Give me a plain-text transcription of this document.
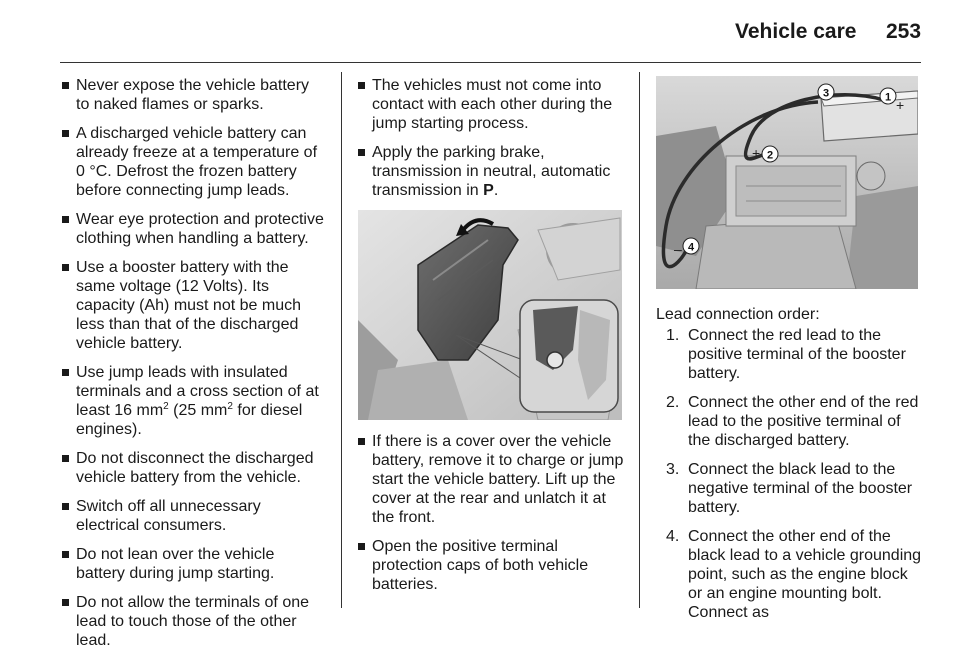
Vehicle care 253
Never expose the vehicle battery to naked flames or sparks.
A discharged vehicle battery can already freeze at a temperature of 0 °C. Defrost the frozen battery before connecting jump leads.
Wear eye protection and protective clothing when handling a battery.
Use a booster battery with the same voltage (12 Volts). Its capacity (Ah) must not be much less than that of the discharged vehicle battery.
Use jump leads with insulated terminals and a cross section of at least 16 $mm^2$ (25 $mm^2$ for diesel engines).
Do not disconnect the discharged vehicle battery from the vehicle.
Switch off all unnecessary electrical consumers.
Do not lean over the vehicle battery during jump starting.
Do not allow the terminals of one lead to touch those of the other lead.
The vehicles must not come into contact with each other during the jump starting process.
Apply the parking brake, transmission in neutral, automatic transmission in P.
If there is a cover over the vehicle battery, remove it to charge or jump start the vehicle battery. Lift up the cover at the rear and unlatch it at the front.
Open the positive terminal protection caps of both vehicle batteries.
+
+
–
1
2
3
4
Lead connection order:
1. Connect the red lead to the positive terminal of the booster battery.
2. Connect the other end of the red lead to the positive terminal of the discharged battery.
3. Connect the black lead to the negative terminal of the booster battery.
4. Connect the other end of the black lead to a vehicle grounding point, such as the engine block or an engine mounting bolt. Connect as
